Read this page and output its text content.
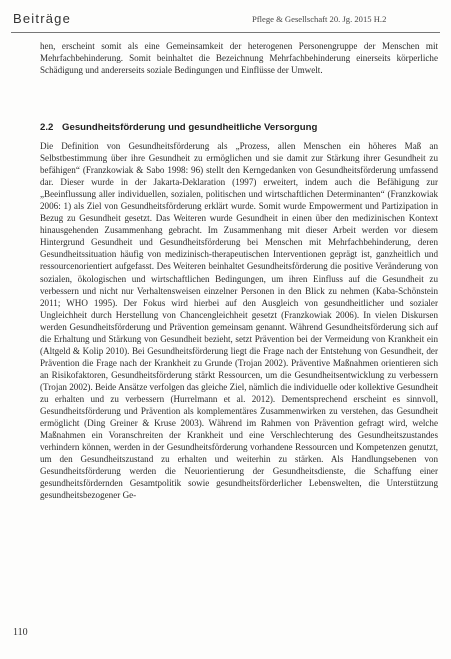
Beiträge	Pflege & Gesellschaft 20. Jg. 2015 H.2

hen, erscheint somit als eine Gemeinsamkeit der heterogenen Personengruppe der Menschen mit Mehrfachbehinderung. Somit beinhaltet die Bezeichnung Mehrfachbehinderung einerseits körperliche Schädigung und andererseits soziale Bedingungen und Einflüsse der Umwelt.

2.2 Gesundheitsförderung und gesundheitliche Versorgung

Die Definition von Gesundheitsförderung als „Prozess, allen Menschen ein höheres Maß an Selbstbestimmung über ihre Gesundheit zu ermöglichen und sie damit zur Stärkung ihrer Gesundheit zu befähigen“ (Franzkowiak & Sabo 1998: 96) stellt den Kerngedanken von Gesundheitsförderung umfassend dar. Dieser wurde in der Jakarta-Deklaration (1997) erweitert, indem auch die Befähigung zur „Beeinflussung aller individuellen, sozialen, politischen und wirtschaftlichen Determinanten“ (Franzkowiak 2006: 1) als Ziel von Gesundheitsförderung erklärt wurde. Somit wurde Empowerment und Partizipation in Bezug zu Gesundheit gesetzt. Das Weiteren wurde Gesundheit in einen über den medizinischen Kontext hinausgehenden Zusammenhang gebracht. Im Zusammenhang mit dieser Arbeit werden vor diesem Hintergrund Gesundheit und Gesundheitsförderung bei Menschen mit Mehrfachbehinderung, deren Gesundheitssituation häufig von medizinisch-therapeutischen Interventionen geprägt ist, ganzheitlich und ressourcenorientiert aufgefasst. Des Weiteren beinhaltet Gesundheitsförderung die positive Veränderung von sozialen, ökologischen und wirtschaftlichen Bedingungen, um ihren Einfluss auf die Gesundheit zu verbessern und nicht nur Verhaltensweisen einzelner Personen in den Blick zu nehmen (Kaba-Schönstein 2011; WHO 1995). Der Fokus wird hierbei auf den Ausgleich von gesundheitlicher und sozialer Ungleichheit durch Herstellung von Chancengleichheit gesetzt (Franzkowiak 2006). In vielen Diskursen werden Gesundheitsförderung und Prävention gemeinsam genannt. Während Gesundheitsförderung sich auf die Erhaltung und Stärkung von Gesundheit bezieht, setzt Prävention bei der Vermeidung von Krankheit ein (Altgeld & Kolip 2010). Bei Gesundheitsförderung liegt die Frage nach der Entstehung von Gesundheit, der Prävention die Frage nach der Krankheit zu Grunde (Trojan 2002). Präventive Maßnahmen orientieren sich an Risikofaktoren, Gesundheitsförderung stärkt Ressourcen, um die Gesundheitsentwicklung zu verbessern (Trojan 2002). Beide Ansätze verfolgen das gleiche Ziel, nämlich die individuelle oder kollektive Gesundheit zu erhalten und zu verbessern (Hurrelmann et al. 2012). Dementsprechend erscheint es sinnvoll, Gesundheitsförderung und Prävention als komplementäres Zusammenwirken zu verstehen, das Gesundheit ermöglicht (Ding Greiner & Kruse 2003). Während im Rahmen von Prävention gefragt wird, welche Maßnahmen ein Voranschreiten der Krankheit und eine Verschlechterung des Gesundheitszustandes verhindern können, werden in der Gesundheitsförderung vorhandene Ressourcen und Kompetenzen genutzt, um den Gesundheitszustand zu erhalten und weiterhin zu stärken. Als Handlungsebenen von Gesundheitsförderung werden die Neuorientierung der Gesundheitsdienste, die Schaffung einer gesundheitsfördernden Gesamtpolitik sowie gesundheitsförderlicher Lebenswelten, die Unterstützung gesundheitsbezogener Ge-

110
